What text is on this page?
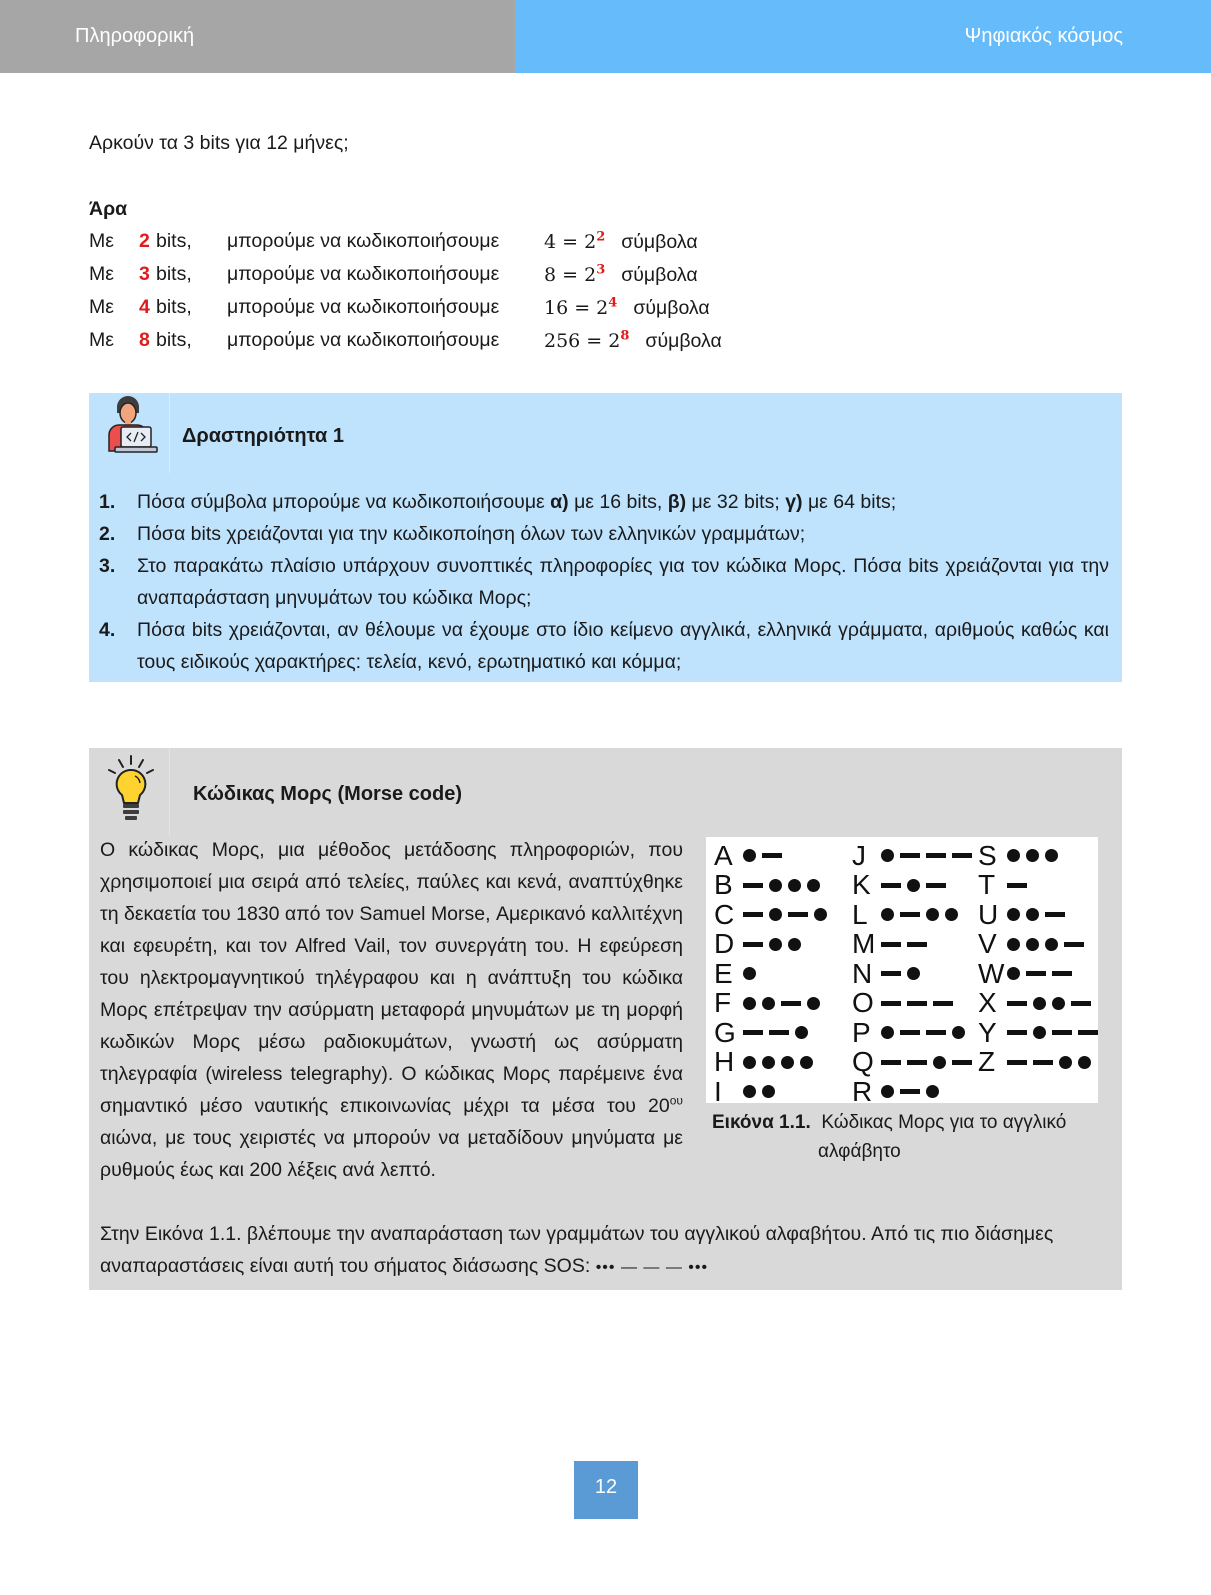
Πληροφορική	Ψηφιακός κόσμος
Αρκούν τα 3 bits για 12 μήνες;
Άρα
Με 2 bits, μπορούμε να κωδικοποιήσουμε $4 = 2^2$ σύμβολα
Με 3 bits, μπορούμε να κωδικοποιήσουμε $8 = 2^3$ σύμβολα
Με 4 bits, μπορούμε να κωδικοποιήσουμε $16 = 2^4$ σύμβολα
Με 8 bits, μπορούμε να κωδικοποιήσουμε $256 = 2^8$ σύμβολα
Δραστηριότητα 1
1. Πόσα σύμβολα μπορούμε να κωδικοποιήσουμε α) με 16 bits, β) με 32 bits; γ) με 64 bits;
2. Πόσα bits χρειάζονται για την κωδικοποίηση όλων των ελληνικών γραμμάτων;
3. Στο παρακάτω πλαίσιο υπάρχουν συνοπτικές πληροφορίες για τον κώδικα Μορς. Πόσα bits χρειάζονται για την αναπαράσταση μηνυμάτων του κώδικα Μορς;
4. Πόσα bits χρειάζονται, αν θέλουμε να έχουμε στο ίδιο κείμενο αγγλικά, ελληνικά γράμματα, αριθμούς καθώς και τους ειδικούς χαρακτήρες: τελεία, κενό, ερωτηματικό και κόμμα;
Κώδικας Μορς (Morse code)
Ο κώδικας Μορς, μια μέθοδος μετάδοσης πληροφοριών, που χρησιμοποιεί μια σειρά από τελείες, παύλες και κενά, αναπτύχθηκε τη δεκαετία του 1830 από τον Samuel Morse, Αμερικανό καλλιτέχνη και εφευρέτη, και τον Alfred Vail, τον συνεργάτη του. Η εφεύρεση του ηλεκτρομαγνητικού τηλέγραφου και η ανάπτυξη του κώδικα Μορς επέτρεψαν την ασύρματη μεταφορά μηνυμάτων με τη μορφή κωδικών Μορς μέσω ραδιοκυμάτων, γνωστή ως ασύρματη τηλεγραφία (wireless telegraphy). Ο κώδικας Μορς παρέμεινε ένα σημαντικό μέσο ναυτικής επικοινωνίας μέχρι τα μέσα του $20^{o\upsilon}$ αιώνα, με τους χειριστές να μπορούν να μεταδίδουν μηνύματα με ρυθμούς έως και 200 λέξεις ανά λεπτό.
A
B
C
D
E
F
G
H
I
J
K
L
M
N
O
P
Q
R
S
T
U
V
W
X
Y
Z
Εικόνα 1.1. Κώδικας Μορς για το αγγλικό
αλφάβητο
Στην Εικόνα 1.1. βλέπουμε την αναπαράσταση των γραμμάτων του αγγλικού αλφαβήτου. Από τις πιο διάσημες αναπαραστάσεις είναι αυτή του σήματος διάσωσης SOS: ••• — — — •••
12
